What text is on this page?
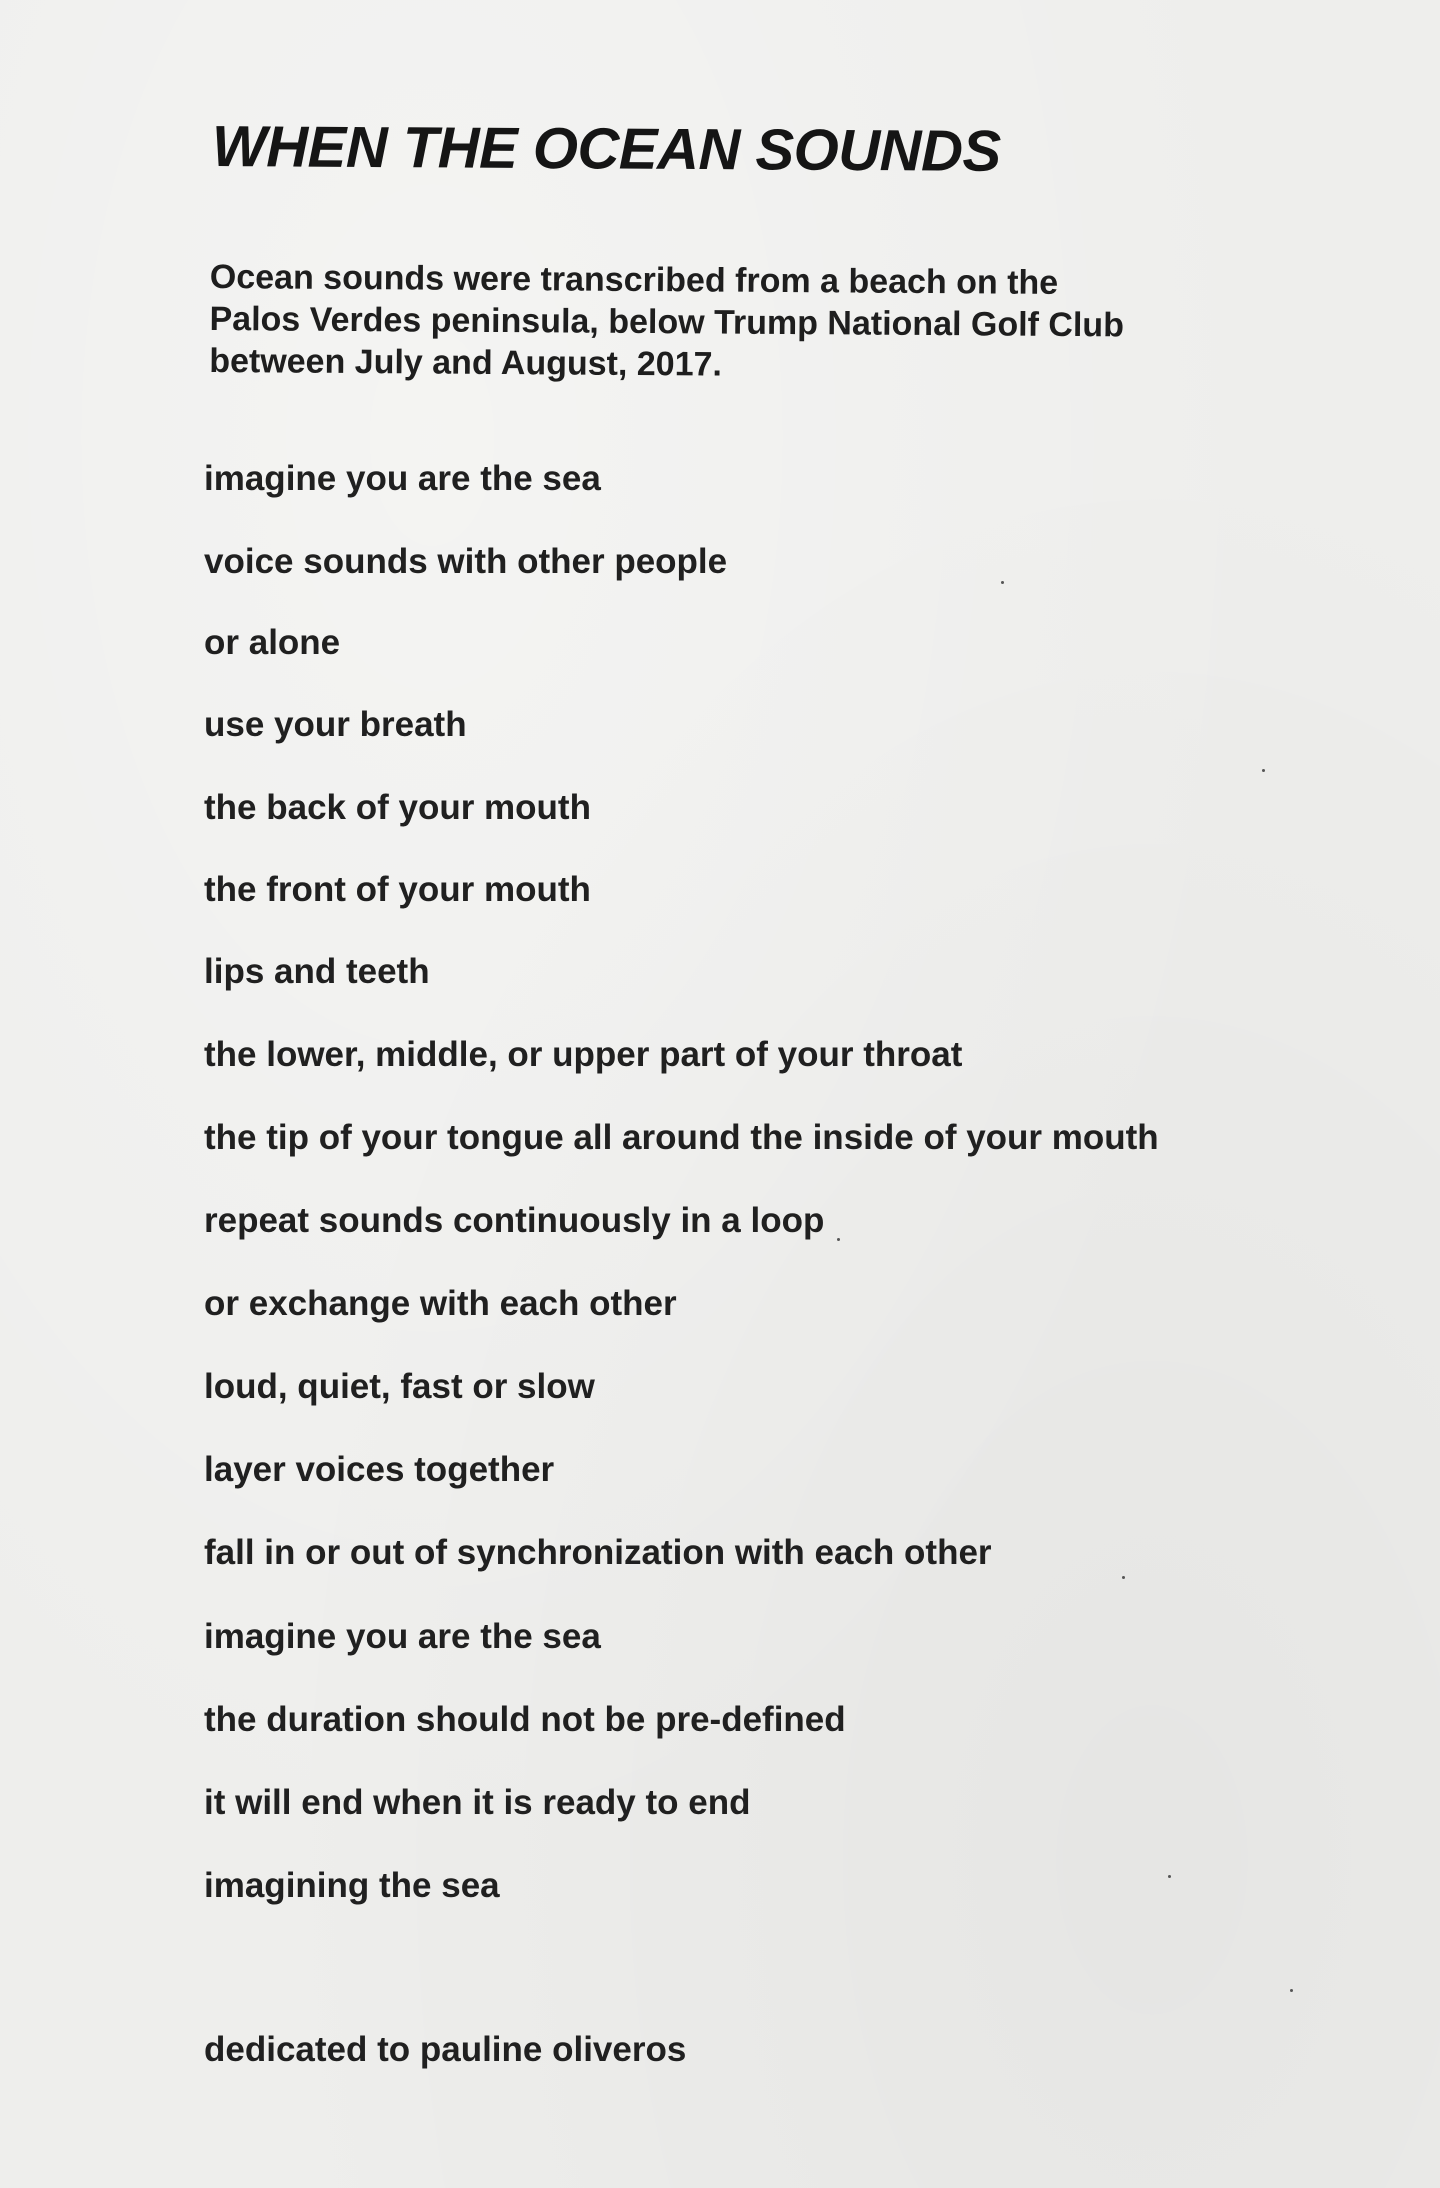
WHEN THE OCEAN SOUNDS

Ocean sounds were transcribed from a beach on the
Palos Verdes peninsula, below Trump National Golf Club
between July and August, 2017.

imagine you are the sea

voice sounds with other people

or alone

use your breath

the back of your mouth

the front of your mouth

lips and teeth

the lower, middle, or upper part of your throat

the tip of your tongue all around the inside of your mouth

repeat sounds continuously in a loop

or exchange with each other

loud, quiet, fast or slow

layer voices together

fall in or out of synchronization with each other

imagine you are the sea

the duration should not be pre-defined

it will end when it is ready to end

imagining the sea

dedicated to pauline oliveros
